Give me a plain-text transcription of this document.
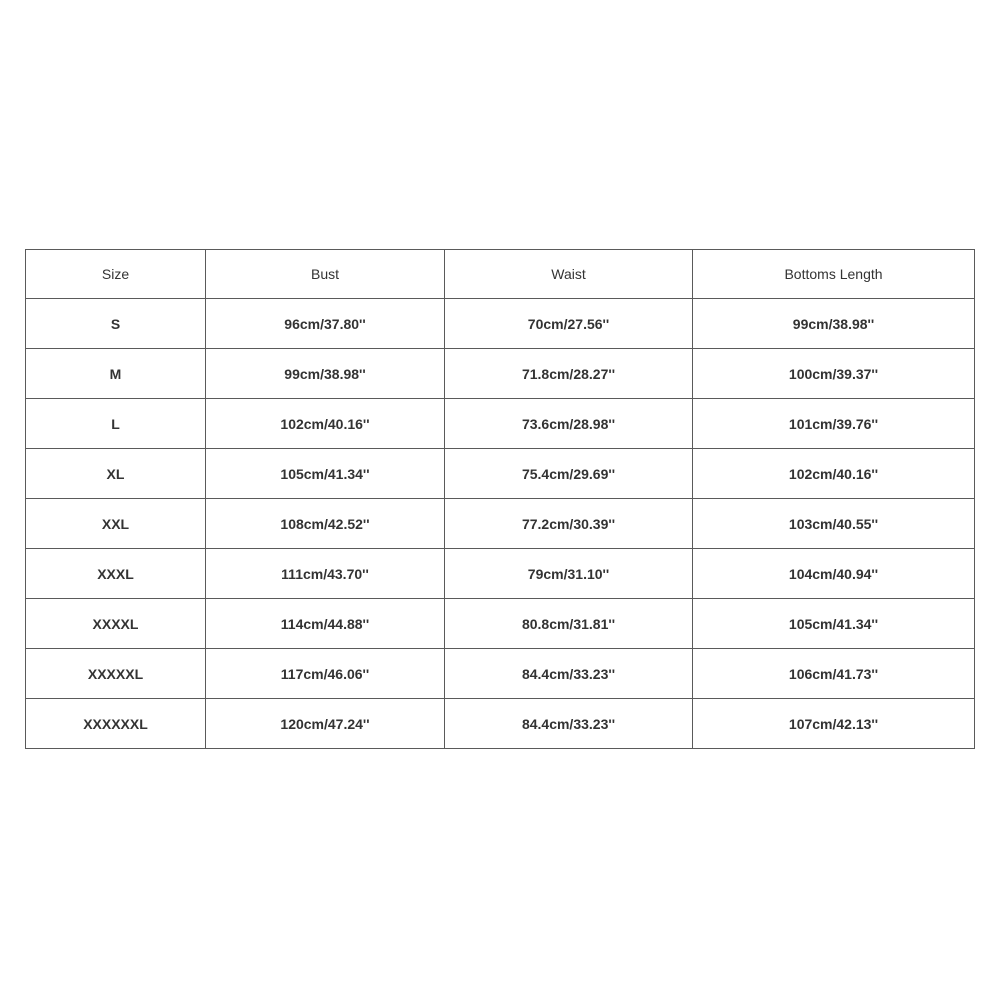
Size	Bust	Waist	Bottoms Length
S	96cm/37.80''	70cm/27.56''	99cm/38.98''
M	99cm/38.98''	71.8cm/28.27''	100cm/39.37''
L	102cm/40.16''	73.6cm/28.98''	101cm/39.76''
XL	105cm/41.34''	75.4cm/29.69''	102cm/40.16''
XXL	108cm/42.52''	77.2cm/30.39''	103cm/40.55''
XXXL	111cm/43.70''	79cm/31.10''	104cm/40.94''
XXXXL	114cm/44.88''	80.8cm/31.81''	105cm/41.34''
XXXXXL	117cm/46.06''	84.4cm/33.23''	106cm/41.73''
XXXXXXL	120cm/47.24''	84.4cm/33.23''	107cm/42.13''
